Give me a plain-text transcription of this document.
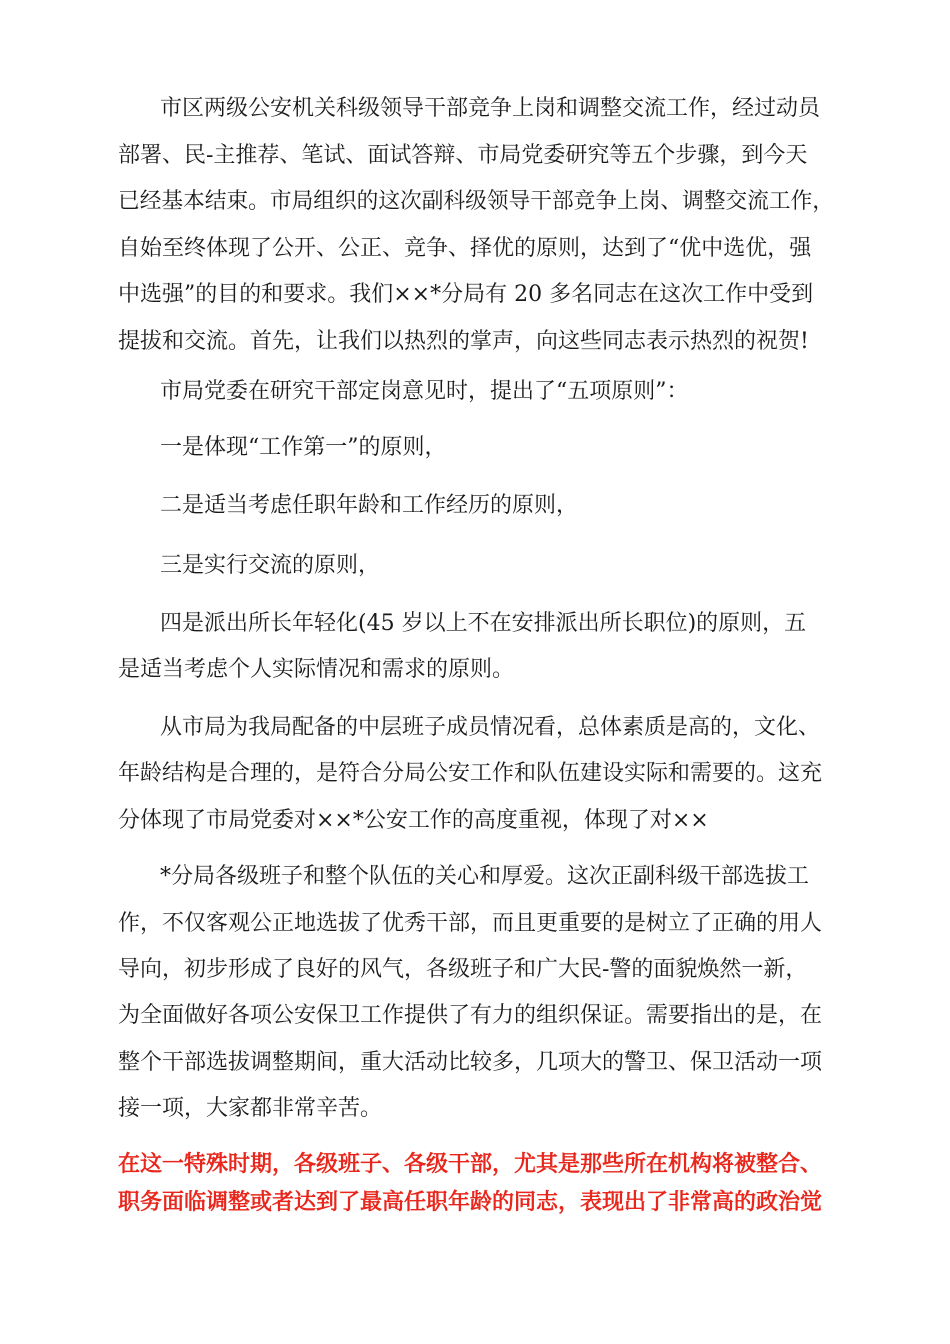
市区两级公安机关科级领导干部竞争上岗和调整交流工作，经过动员
部署、民-主推荐、笔试、面试答辩、市局党委研究等五个步骤，到今天
已经基本结束。市局组织的这次副科级领导干部竞争上岗、调整交流工作，
自始至终体现了公开、公正、竞争、择优的原则，达到了“优中选优，强
中选强”的目的和要求。我们××*分局有 20 多名同志在这次工作中受到
提拔和交流。首先，让我们以热烈的掌声，向这些同志表示热烈的祝贺!
市局党委在研究干部定岗意见时，提出了“五项原则”：
一是体现“工作第一”的原则，
二是适当考虑任职年龄和工作经历的原则，
三是实行交流的原则，
四是派出所长年轻化(45 岁以上不在安排派出所长职位)的原则，五
是适当考虑个人实际情况和需求的原则。
从市局为我局配备的中层班子成员情况看，总体素质是高的，文化、
年龄结构是合理的，是符合分局公安工作和队伍建设实际和需要的。这充
分体现了市局党委对××*公安工作的高度重视，体现了对××
*分局各级班子和整个队伍的关心和厚爱。这次正副科级干部选拔工
作，不仅客观公正地选拔了优秀干部，而且更重要的是树立了正确的用人
导向，初步形成了良好的风气，各级班子和广大民-警的面貌焕然一新，
为全面做好各项公安保卫工作提供了有力的组织保证。需要指出的是，在
整个干部选拔调整期间，重大活动比较多，几项大的警卫、保卫活动一项
接一项，大家都非常辛苦。
在这一特殊时期，各级班子、各级干部，尤其是那些所在机构将被整合、
职务面临调整或者达到了最高任职年龄的同志，表现出了非常高的政治觉
